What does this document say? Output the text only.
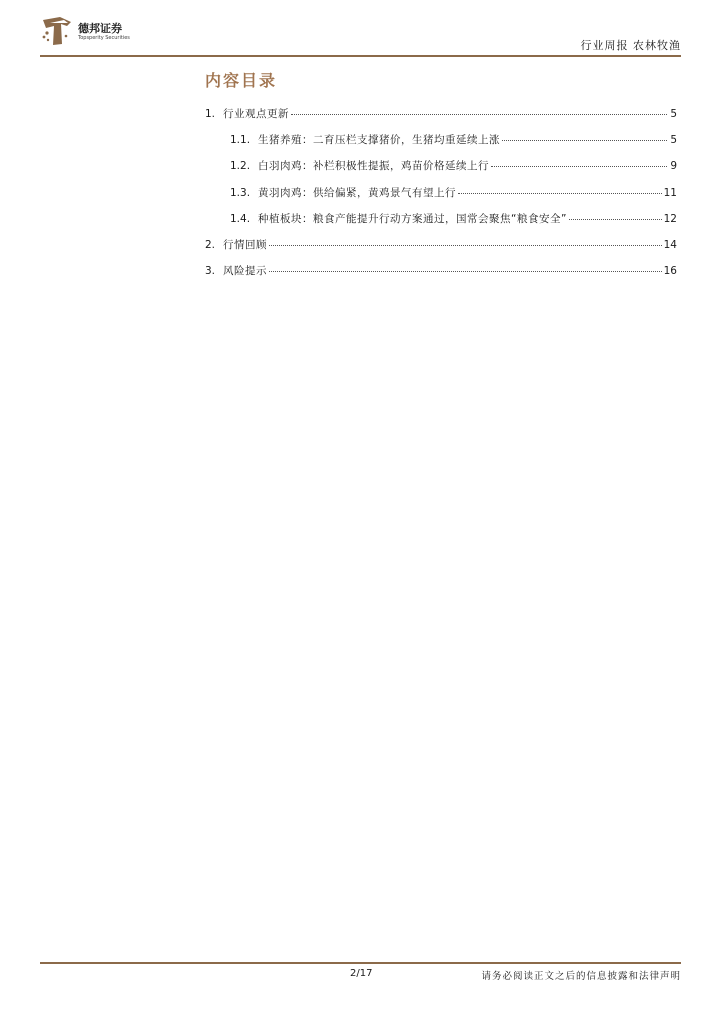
德邦证券
Topsperity Securities
行业周报 农林牧渔
内容目录
1. 行业观点更新	5
1.1. 生猪养殖：二育压栏支撑猪价，生猪均重延续上涨	5
1.2. 白羽肉鸡：补栏积极性提振，鸡苗价格延续上行	9
1.3. 黄羽肉鸡：供给偏紧，黄鸡景气有望上行	11
1.4. 种植板块：粮食产能提升行动方案通过，国常会聚焦“粮食安全”	12
2. 行情回顾	14
3. 风险提示	16
2/17	请务必阅读正文之后的信息披露和法律声明
